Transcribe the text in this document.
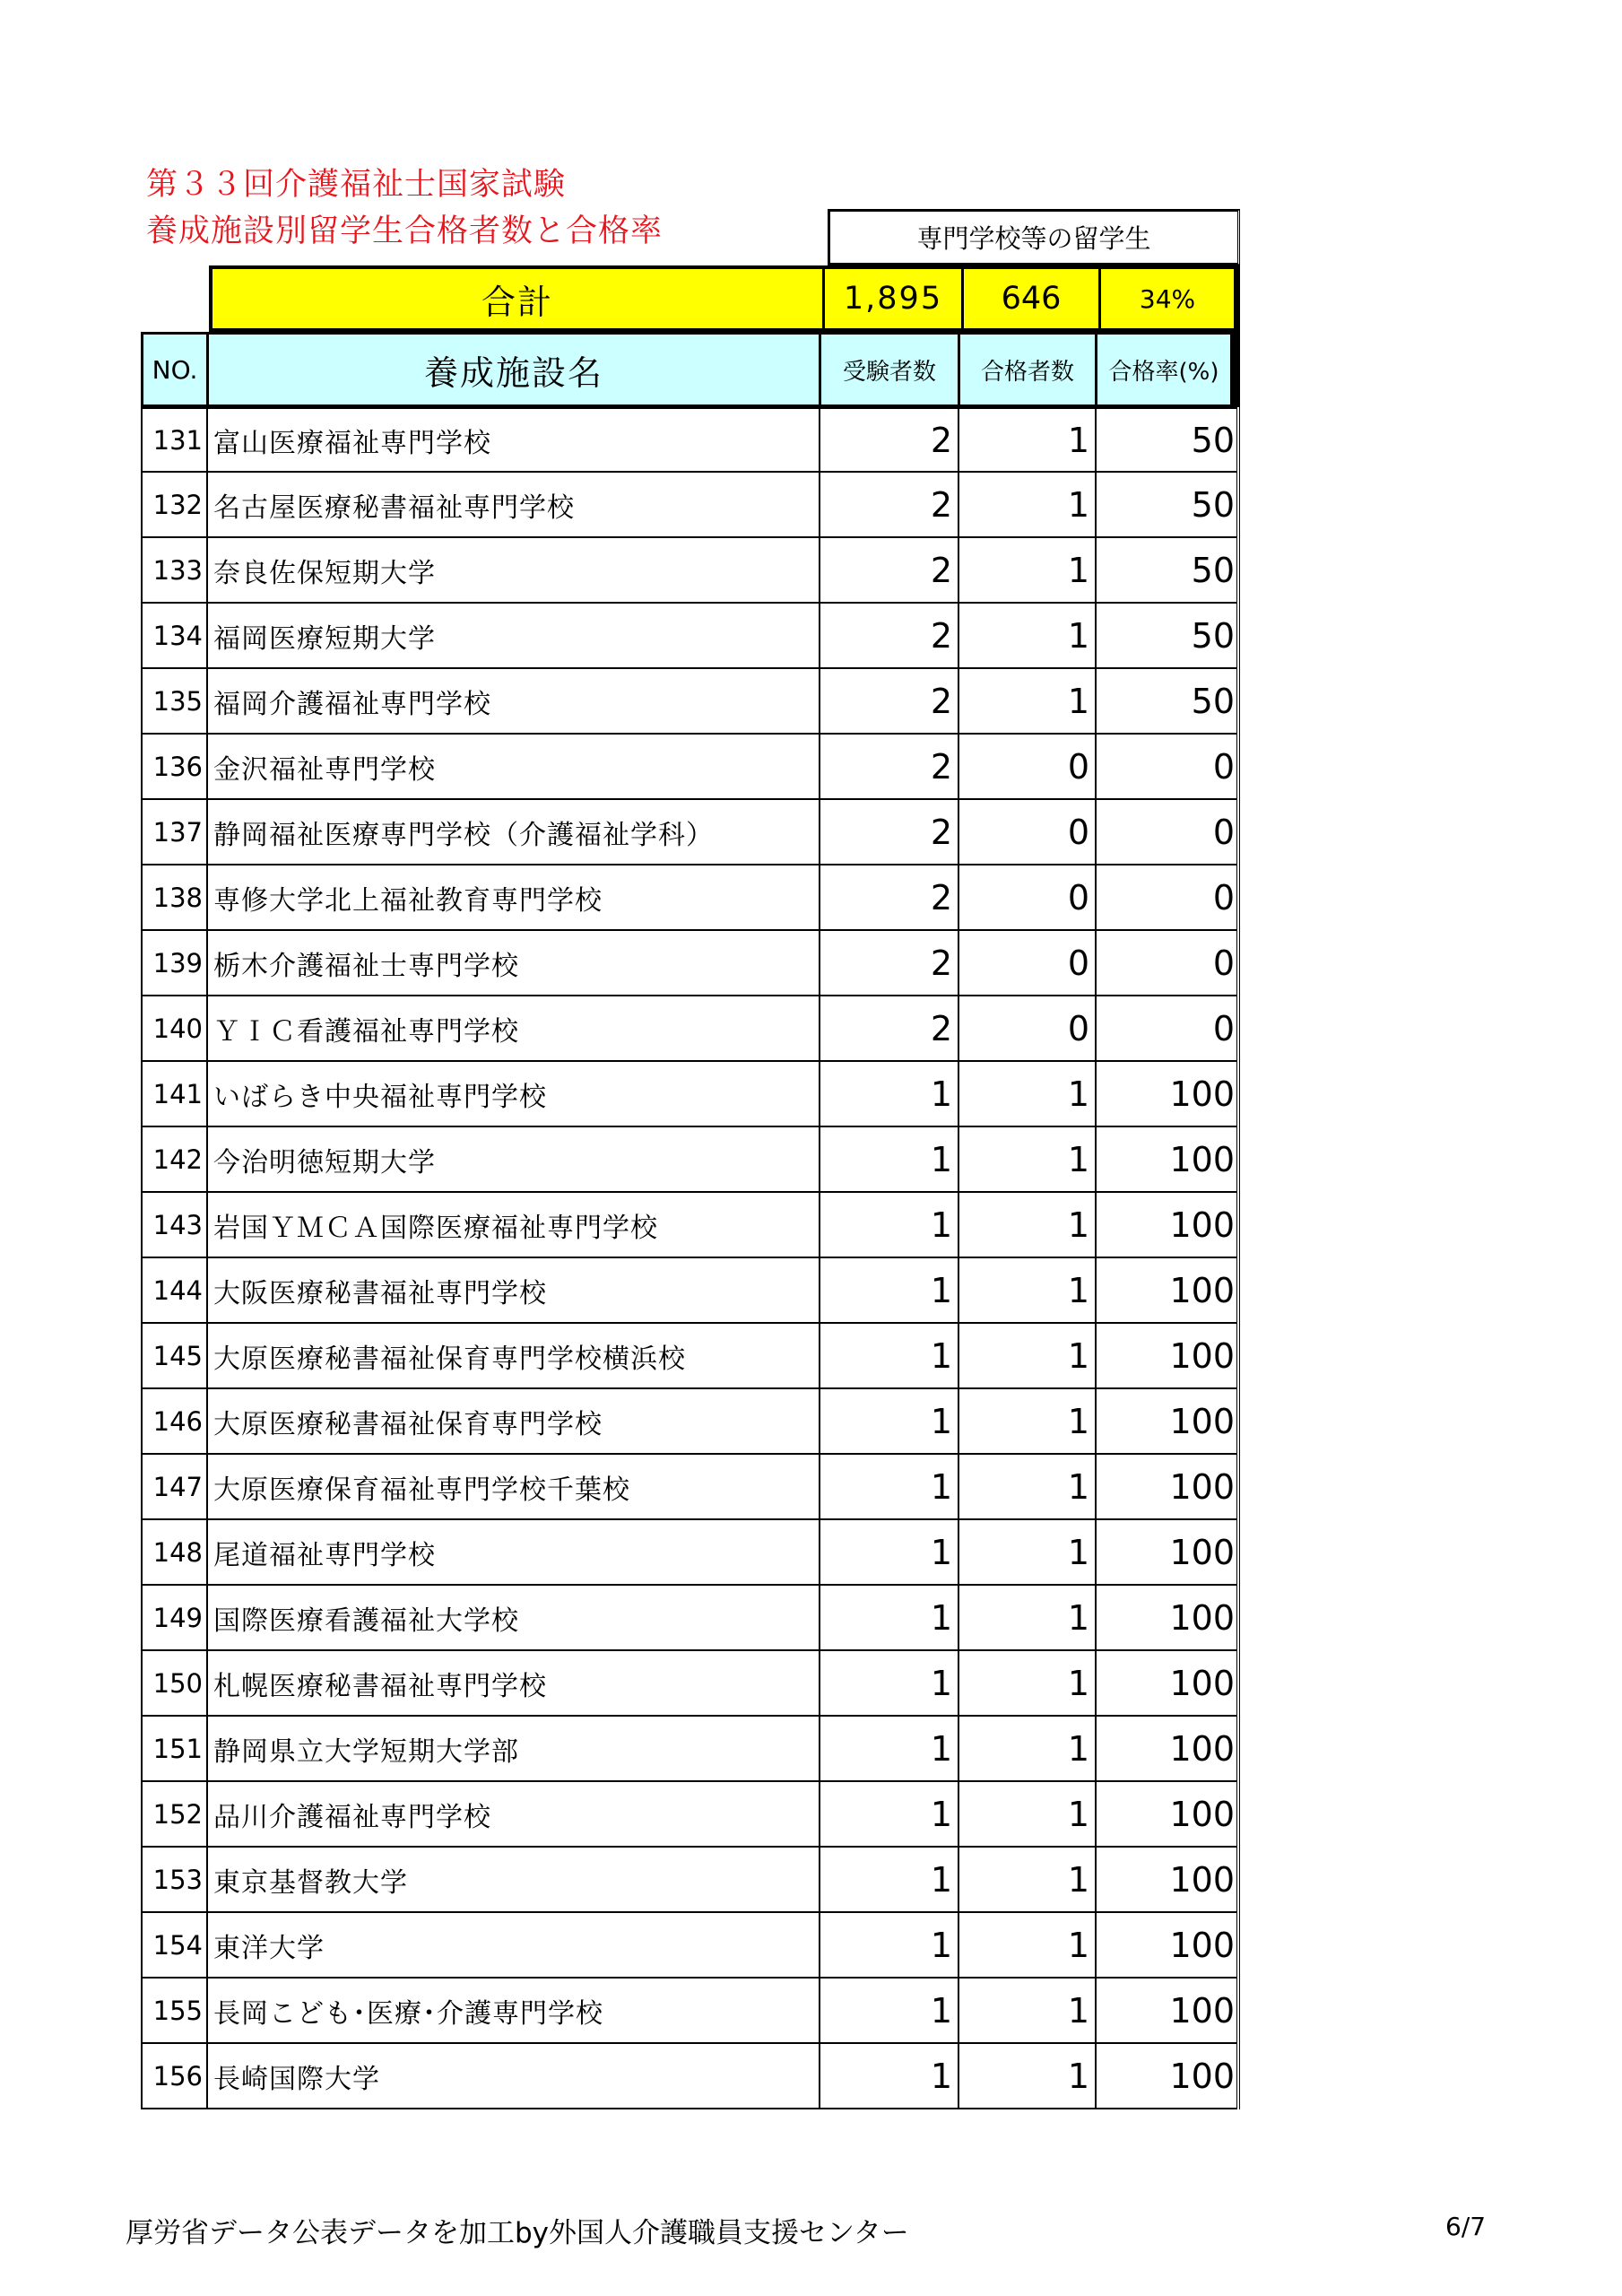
第３３回介護福祉士国家試験
養成施設別留学生合格者数と合格率	専門学校等の留学生
合計	1,895	646	34%
NO.	養成施設名	受験者数	合格者数	合格率(%)
131 富山医療福祉専門学校	2	1	50
132 名古屋医療秘書福祉専門学校	2	1	50
133 奈良佐保短期大学	2	1	50
134 福岡医療短期大学	2	1	50
135 福岡介護福祉専門学校	2	1	50
136 金沢福祉専門学校	2	0	0
137 静岡福祉医療専門学校（介護福祉学科）	2	0	0
138 専修大学北上福祉教育専門学校	2	0	0
139 栃木介護福祉士専門学校	2	0	0
140 ＹＩＣ看護福祉専門学校	2	0	0
141 いばらき中央福祉専門学校	1	1	100
142 今治明徳短期大学	1	1	100
143 岩国ＹＭＣＡ国際医療福祉専門学校	1	1	100
144 大阪医療秘書福祉専門学校	1	1	100
145 大原医療秘書福祉保育専門学校横浜校	1	1	100
146 大原医療秘書福祉保育専門学校	1	1	100
147 大原医療保育福祉専門学校千葉校	1	1	100
148 尾道福祉専門学校	1	1	100
149 国際医療看護福祉大学校	1	1	100
150 札幌医療秘書福祉専門学校	1	1	100
151 静岡県立大学短期大学部	1	1	100
152 品川介護福祉専門学校	1	1	100
153 東京基督教大学	1	1	100
154 東洋大学	1	1	100
155 長岡こども･医療･介護専門学校	1	1	100
156 長崎国際大学	1	1	100
厚労省データ公表データを加工by外国人介護職員支援センター	6/7
